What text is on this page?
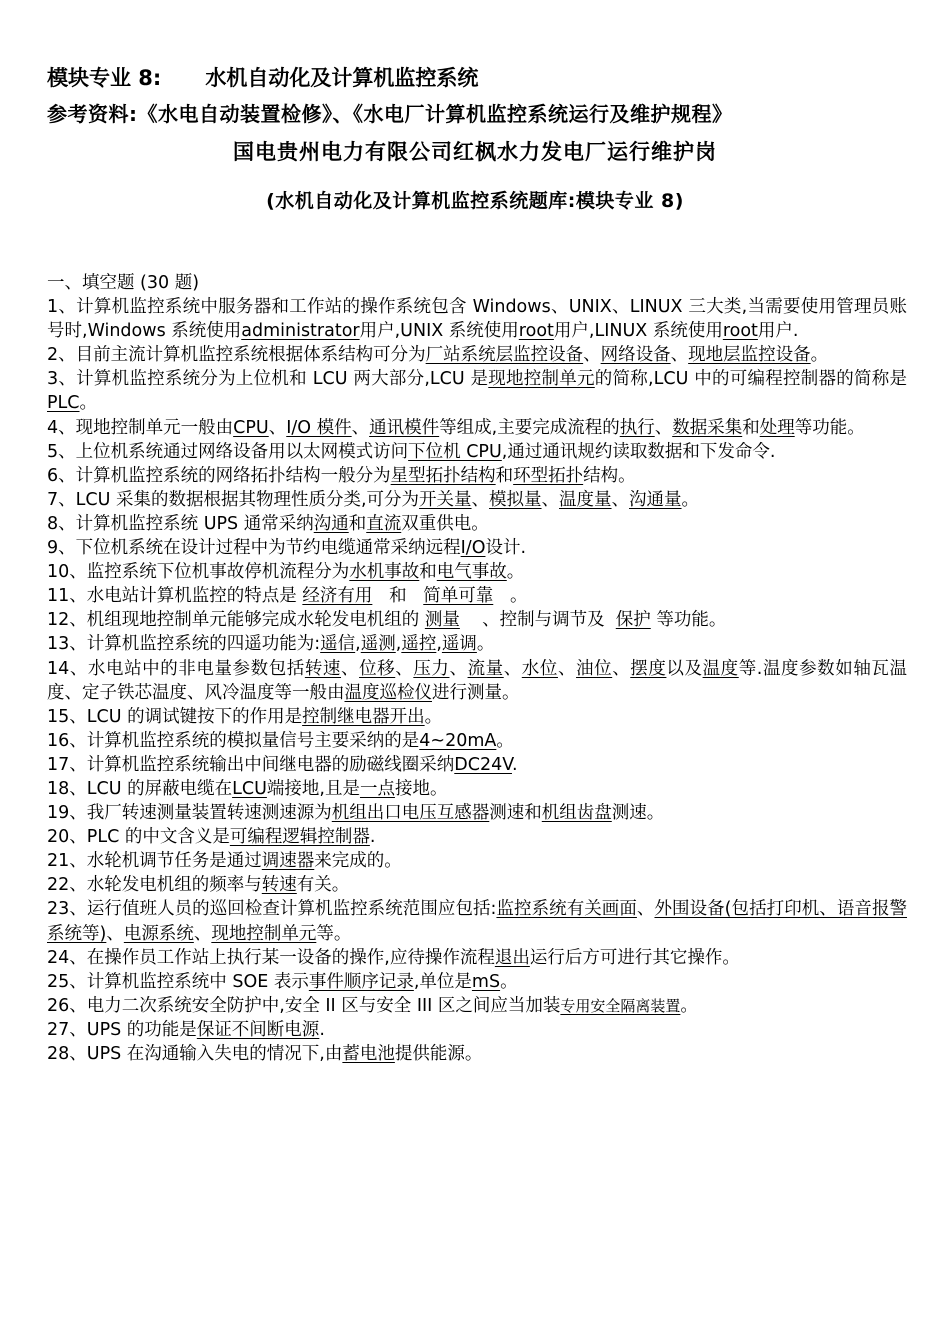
模块专业 8: 水机自动化及计算机监控系统
参考资料:《水电自动装置检修》、《水电厂计算机监控系统运行及维护规程》
国电贵州电力有限公司红枫水力发电厂运行维护岗
(水机自动化及计算机监控系统题库:模块专业 8)

一、填空题 (30 题)

1、计算机监控系统中服务器和工作站的操作系统包含 Windows、UNIX、LINUX 三大类,当需要使用管理员账号时,Windows 系统使用administrator用户,UNIX 系统使用root用户,LINUX 系统使用root用户.

2、目前主流计算机监控系统根据体系结构可分为厂站系统层监控设备、网络设备、现地层监控设备。

3、计算机监控系统分为上位机和 LCU 两大部分,LCU 是现地控制单元的简称,LCU 中的可编程控制器的简称是PLC。

4、现地控制单元一般由CPU、I/O 模件、通讯模件等组成,主要完成流程的执行、数据采集和处理等功能。

5、上位机系统通过网络设备用以太网模式访问下位机 CPU,通过通讯规约读取数据和下发命令.

6、计算机监控系统的网络拓扑结构一般分为星型拓扑结构和环型拓扑结构。

7、LCU 采集的数据根据其物理性质分类,可分为开关量、模拟量、温度量、沟通量。

8、计算机监控系统 UPS 通常采纳沟通和直流双重供电。

9、下位机系统在设计过程中为节约电缆通常采纳远程I/O设计.

10、监控系统下位机事故停机流程分为水机事故和电气事故。

11、水电站计算机监控的特点是 经济有用 和 简单可靠 。

12、机组现地控制单元能够完成水轮发电机组的 测量 、控制与调节及 保护 等功能。

13、计算机监控系统的四遥功能为:遥信,遥测,遥控,遥调。

14、水电站中的非电量参数包括转速、位移、压力、流量、水位、油位、摆度以及温度等.温度参数如轴瓦温度、定子铁芯温度、风冷温度等一般由温度巡检仪进行测量。

15、LCU 的调试键按下的作用是控制继电器开出。

16、计算机监控系统的模拟量信号主要采纳的是4~20mA。

17、计算机监控系统输出中间继电器的励磁线圈采纳DC24V.

18、LCU 的屏蔽电缆在LCU端接地,且是一点接地。

19、我厂转速测量装置转速测速源为机组出口电压互感器测速和机组齿盘测速。

20、PLC 的中文含义是可编程逻辑控制器.

21、水轮机调节任务是通过调速器来完成的。

22、水轮发电机组的频率与转速有关。

23、运行值班人员的巡回检查计算机监控系统范围应包括:监控系统有关画面、外围设备(包括打印机、语音报警系统等)、电源系统、现地控制单元等。

24、在操作员工作站上执行某一设备的操作,应待操作流程退出运行后方可进行其它操作。

25、计算机监控系统中 SOE 表示事件顺序记录,单位是mS。

26、电力二次系统安全防护中,安全 II 区与安全 III 区之间应当加装专用安全隔离装置。

27、UPS 的功能是保证不间断电源.

28、UPS 在沟通输入失电的情况下,由蓄电池提供能源。
